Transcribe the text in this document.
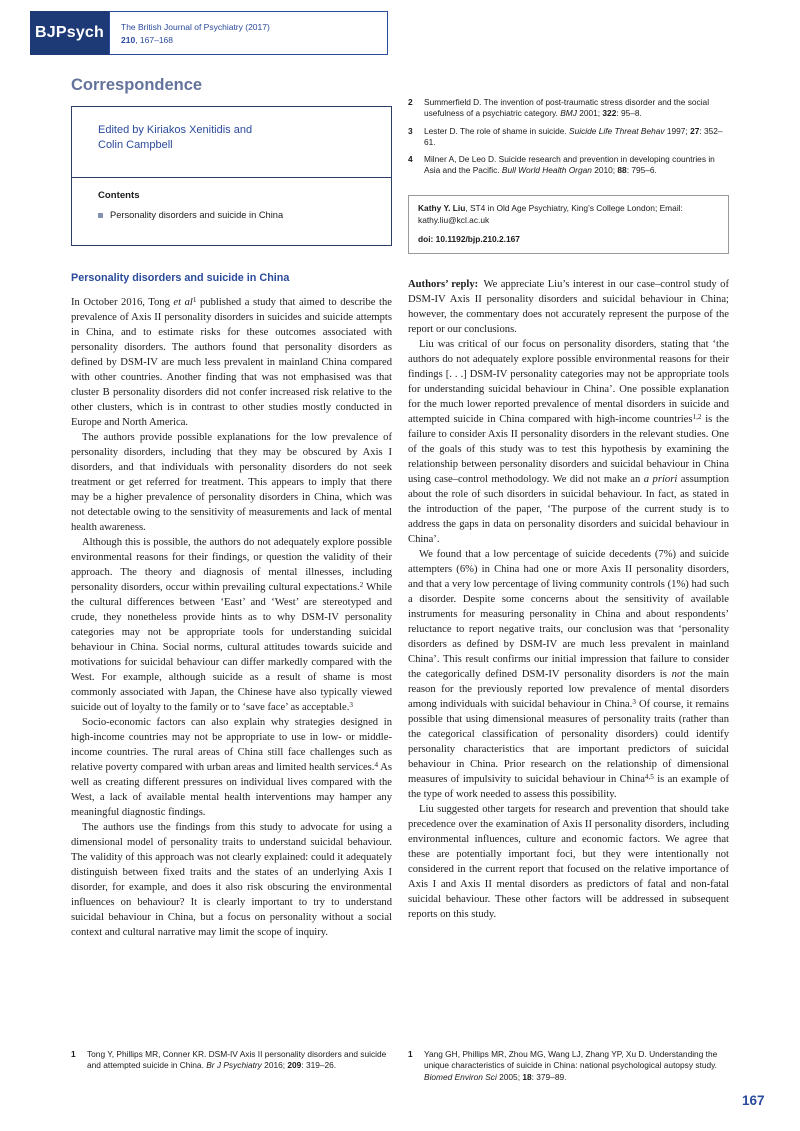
BJPsych	The British Journal of Psychiatry (2017)
210, 167–168
Correspondence
Edited by Kiriakos Xenitidis and
Colin Campbell
Contents
Personality disorders and suicide in China
2	Summerfield D. The invention of post-traumatic stress disorder and the social usefulness of a psychiatric category. BMJ 2001; 322: 95–8.
3	Lester D. The role of shame in suicide. Suicide Life Threat Behav 1997; 27: 352–61.
4	Milner A, De Leo D. Suicide research and prevention in developing countries in Asia and the Pacific. Bull World Health Organ 2010; 88: 795–6.
Kathy Y. Liu, ST4 in Old Age Psychiatry, King’s College London; Email: kathy.liu@kcl.ac.uk
doi: 10.1192/bjp.210.2.167
Personality disorders and suicide in China

In October 2016, Tong et $al^1$ published a study that aimed to describe the prevalence of Axis II personality disorders in suicides and suicide attempts in China, and to estimate risks for these outcomes associated with personality disorders. The authors found that personality disorders as defined by DSM-IV are much less prevalent in mainland China compared with other countries. Another finding that was not emphasised was that cluster B personality disorders did not confer increased risk relative to the other clusters, which is in contrast to other studies mostly conducted in Europe and North America.

The authors provide possible explanations for the low prevalence of personality disorders, including that they may be obscured by Axis I disorders, and that individuals with personality disorders do not seek treatment or get referred for treatment. This appears to imply that there may be a higher prevalence of personality disorders in China, which was not detectable owing to the sensitivity of measurements and lack of mental health awareness.

Although this is possible, the authors do not adequately explore possible environmental reasons for their findings, or question the validity of their approach. The theory and diagnosis of mental illnesses, including personality disorders, occur within prevailing cultural expectations.$^2$ While the cultural differences between ‘East’ and ‘West’ are stereotyped and crude, they nonetheless provide hints as to why DSM-IV personality categories may not be appropriate tools for understanding suicidal behaviour in China. Social norms, cultural attitudes towards suicide and motivations for suicidal behaviour can differ markedly compared with the West. For example, although suicide as a result of shame is most commonly associated with Japan, the Chinese have also typically viewed suicide out of loyalty to the family or to ‘save face’ as acceptable.$^3$

Socio-economic factors can also explain why strategies designed in high-income countries may not be appropriate to use in low- or middle-income countries. The rural areas of China still face challenges such as relative poverty compared with urban areas and limited health services.$^4$ As well as creating different pressures on individual lives compared with the West, a lack of available mental health interventions may hamper any meaningful diagnostic findings.

The authors use the findings from this study to advocate for using a dimensional model of personality traits to understand suicidal behaviour. The validity of this approach was not clearly explained: could it adequately distinguish between fixed traits and the states of an underlying Axis I disorder, for example, and does it also risk obscuring the environmental influences on behaviour? It is clearly important to try to understand suicidal behaviour in China, but a focus on personality without a social context and cultural narrative may limit the scope of inquiry.

Authors’ reply: We appreciate Liu’s interest in our case–control study of DSM-IV Axis II personality disorders and suicidal behaviour in China; however, the commentary does not accurately represent the purpose of the report or our conclusions.

Liu was critical of our focus on personality disorders, stating that ‘the authors do not adequately explore possible environmental reasons for their findings [. . .] DSM-IV personality categories may not be appropriate tools for understanding suicidal behaviour in China’. One possible explanation for the much lower reported prevalence of mental disorders in suicide and attempted suicide in China compared with high-income countries$^{1,2}$ is the failure to consider Axis II personality disorders in the relevant studies. One of the goals of this study was to test this hypothesis by examining the relationship between personality disorders and suicidal behaviour in China using case–control methodology. We did not make an a priori assumption about the role of such disorders in suicidal behaviour. In fact, as stated in the introduction of the paper, ‘The purpose of the current study is to address the gaps in data on personality disorders and suicidal behaviour in China’.

We found that a low percentage of suicide decedents (7%) and suicide attempters (6%) in China had one or more Axis II personality disorders, and that a very low percentage of living community controls (1%) had such a disorder. Despite some concerns about the sensitivity of available instruments for measuring personality in China and about respondents’ reluctance to report negative traits, our conclusion was that ‘personality disorders as defined by DSM-IV are much less prevalent in mainland China’. This result confirms our initial impression that failure to consider the categorically defined DSM-IV personality disorders is not the main reason for the previously reported low prevalence of mental disorders among individuals with suicidal behaviour in China.$^3$ Of course, it remains possible that using dimensional measures of personality traits (rather than the categorical classification of personality disorders) could identify personality characteristics that are important predictors of suicidal behaviour in China. Prior research on the relationship of dimensional measures of impulsivity to suicidal behaviour in China$^{4,5}$ is an example of the type of work needed to assess this possibility.

Liu suggested other targets for research and prevention that should take precedence over the examination of Axis II personality disorders, including environmental influences, culture and economic factors. We agree that these are potentially important foci, but they were intentionally not considered in the current report that focused on the relative importance of Axis I and Axis II mental disorders as predictors of fatal and non-fatal suicidal behaviour. These other factors will be addressed in subsequent reports on this study.

1	Tong Y, Phillips MR, Conner KR. DSM-IV Axis II personality disorders and suicide and attempted suicide in China. Br J Psychiatry 2016; 209: 319–26.
1	Yang GH, Phillips MR, Zhou MG, Wang LJ, Zhang YP, Xu D. Understanding the unique characteristics of suicide in China: national psychological autopsy study. Biomed Environ Sci 2005; 18: 379–89.
167
